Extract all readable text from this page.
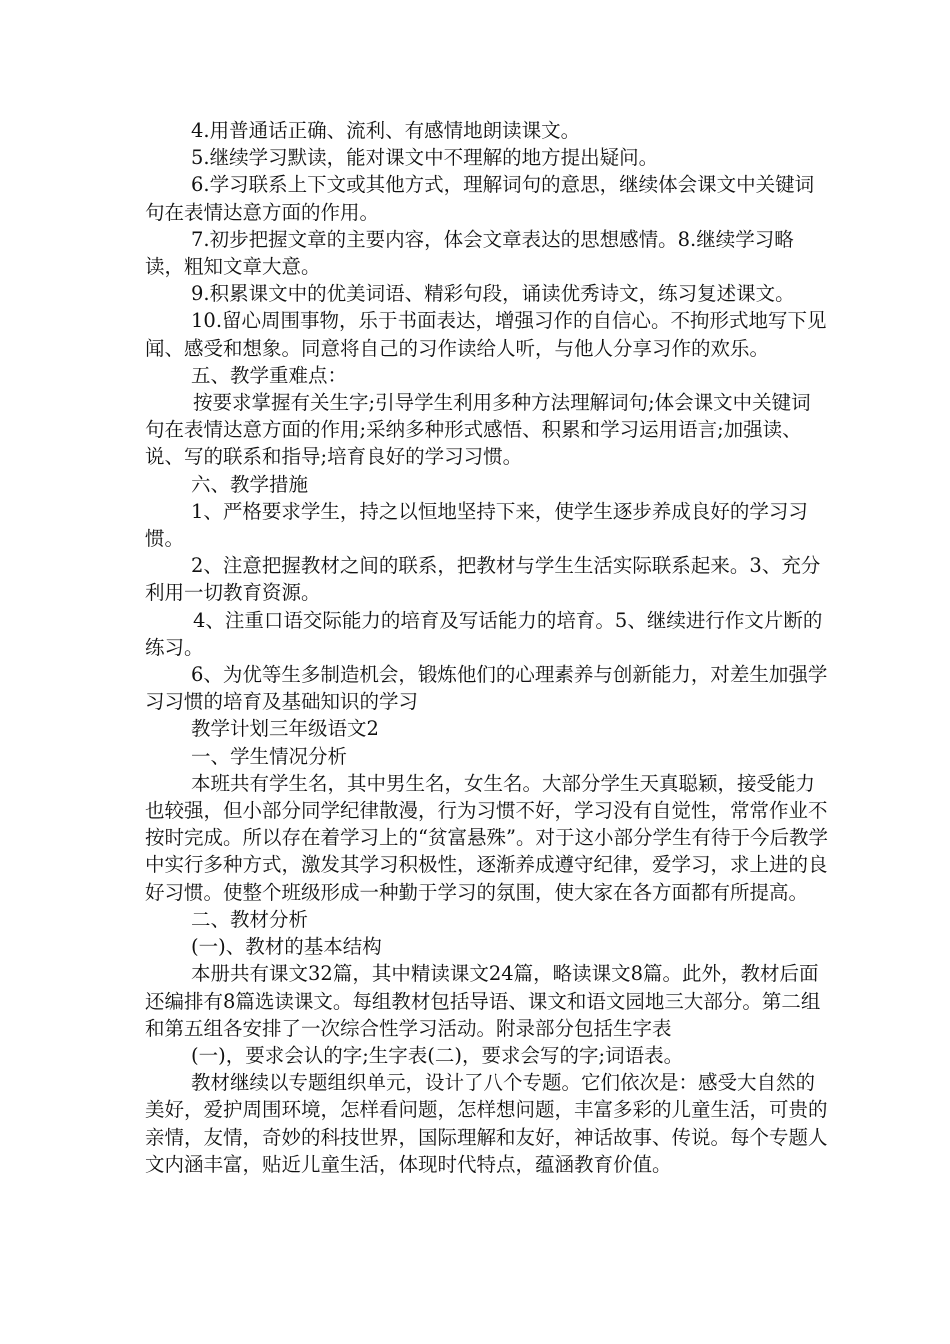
4.用普通话正确、流利、有感情地朗读课文。

5.继续学习默读，能对课文中不理解的地方提出疑问。

6.学习联系上下文或其他方式，理解词句的意思，继续体会课文中关键词句在表情达意方面的作用。

7.初步把握文章的主要内容，体会文章表达的思想感情。8.继续学习略读，粗知文章大意。

9.积累课文中的优美词语、精彩句段，诵读优秀诗文，练习复述课文。

10.留心周围事物，乐于书面表达，增强习作的自信心。不拘形式地写下见闻、感受和想象。同意将自己的习作读给人听，与他人分享习作的欢乐。

五、教学重难点：

按要求掌握有关生字;引导学生利用多种方法理解词句;体会课文中关键词句在表情达意方面的作用;采纳多种形式感悟、积累和学习运用语言;加强读、说、写的联系和指导;培育良好的学习习惯。

六、教学措施

1、严格要求学生，持之以恒地坚持下来，使学生逐步养成良好的学习习惯。

2、注意把握教材之间的联系，把教材与学生生活实际联系起来。3、充分利用一切教育资源。

4、注重口语交际能力的培育及写话能力的培育。5、继续进行作文片断的练习。

6、为优等生多制造机会，锻炼他们的心理素养与创新能力，对差生加强学习习惯的培育及基础知识的学习

教学计划三年级语文2

一、学生情况分析

本班共有学生名，其中男生名，女生名。大部分学生天真聪颖，接受能力也较强，但小部分同学纪律散漫，行为习惯不好，学习没有自觉性，常常作业不按时完成。所以存在着学习上的“贫富悬殊”。对于这小部分学生有待于今后教学中实行多种方式，激发其学习积极性，逐渐养成遵守纪律，爱学习，求上进的良好习惯。使整个班级形成一种勤于学习的氛围，使大家在各方面都有所提高。

二、教材分析

(一)、教材的基本结构

本册共有课文32篇，其中精读课文24篇，略读课文8篇。此外，教材后面还编排有8篇选读课文。每组教材包括导语、课文和语文园地三大部分。第二组和第五组各安排了一次综合性学习活动。附录部分包括生字表

(一)，要求会认的字;生字表(二)，要求会写的字;词语表。

教材继续以专题组织单元，设计了八个专题。它们依次是：感受大自然的美好，爱护周围环境，怎样看问题，怎样想问题，丰富多彩的儿童生活，可贵的亲情，友情，奇妙的科技世界，国际理解和友好，神话故事、传说。每个专题人文内涵丰富，贴近儿童生活，体现时代特点，蕴涵教育价值。
